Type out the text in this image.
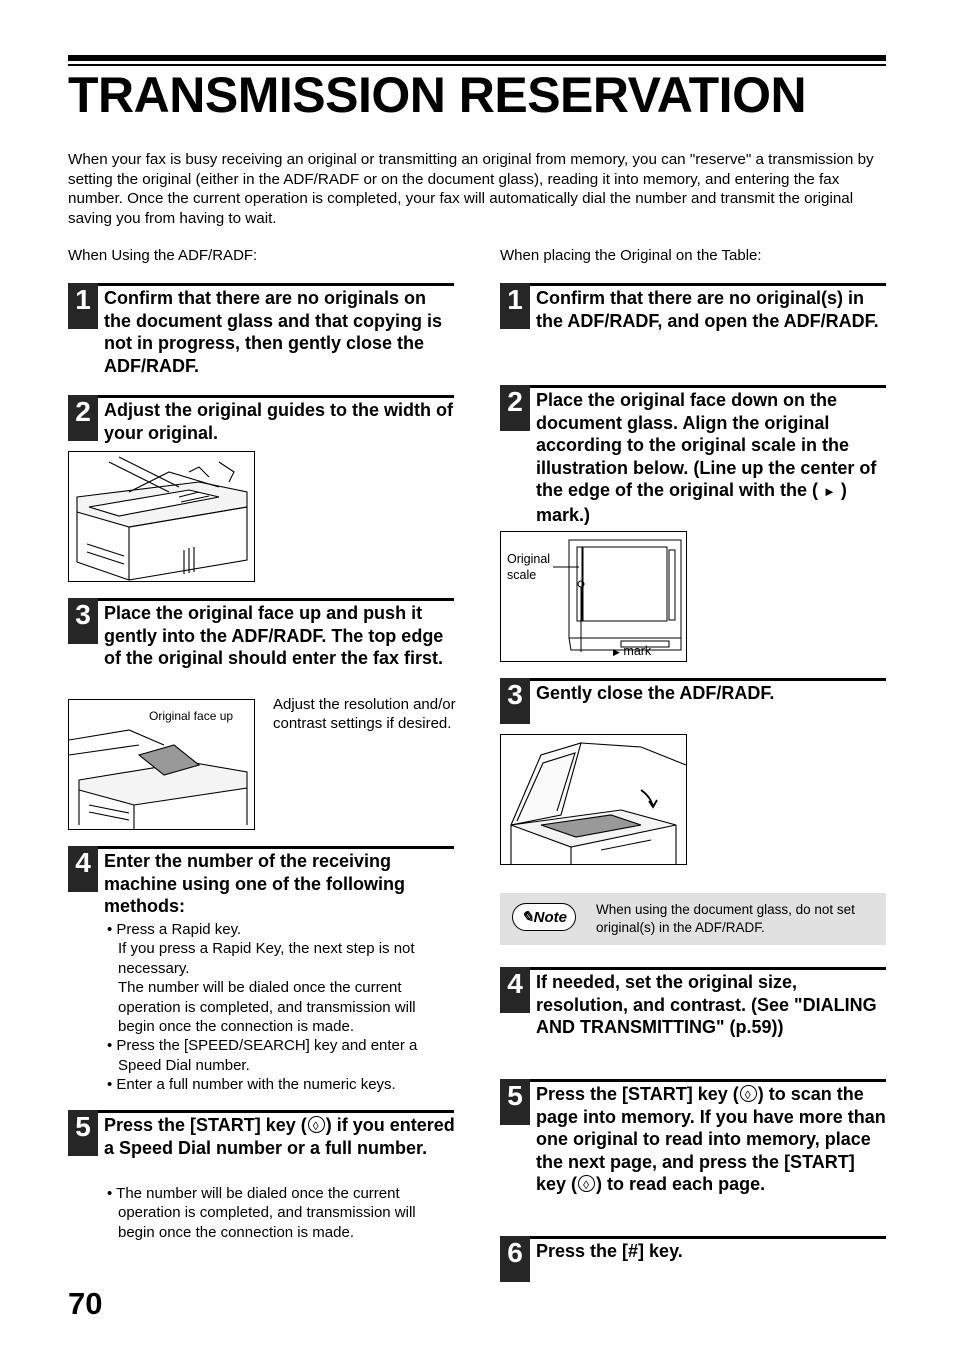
TRANSMISSION RESERVATION
When your fax is busy receiving an original or transmitting an original from memory, you can "reserve" a transmission by setting the original (either in the ADF/RADF or on the document glass), reading it into memory, and entering the fax number. Once the current operation is completed, your fax will automatically dial the number and transmit the original saving you from having to wait.
When Using the ADF/RADF:
1 Confirm that there are no originals on the document glass and that copying is not in progress, then gently close the ADF/RADF.
2 Adjust the original guides to the width of your original.
3 Place the original face up and push it gently into the ADF/RADF. The top edge of the original should enter the fax first.
Original face up
Adjust the resolution and/or contrast settings if desired.
4 Enter the number of the receiving machine using one of the following methods:
• Press a Rapid key.
If you press a Rapid Key, the next step is not necessary.
The number will be dialed once the current operation is completed, and transmission will begin once the connection is made.
• Press the [SPEED/SEARCH] key and enter a Speed Dial number.
• Enter a full number with the numeric keys.
5 Press the [START] key ( ◊ ) if you entered a Speed Dial number or a full number.
• The number will be dialed once the current operation is completed, and transmission will begin once the connection is made.
When placing the Original on the Table:
1 Confirm that there are no original(s) in the ADF/RADF, and open the ADF/RADF.
2 Place the original face down on the document glass. Align the original according to the original scale in the illustration below. (Line up the center of the edge of the original with the ( ► ) mark.)
Original
scale
▶ mark
3 Gently close the ADF/RADF.
✎Note	When using the document glass, do not set original(s) in the ADF/RADF.
4 If needed, set the original size, resolution, and contrast. (See "DIALING AND TRANSMITTING" (p.59))
5 Press the [START] key ( ◊ ) to scan the page into memory. If you have more than one original to read into memory, place the next page, and press the [START] key ( ◊ ) to read each page.
6 Press the [#] key.
70
